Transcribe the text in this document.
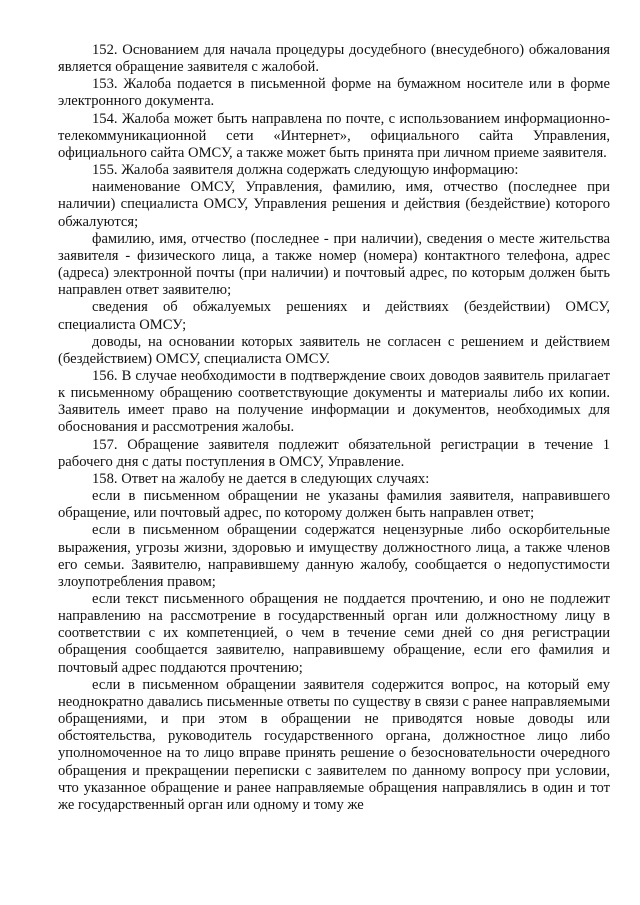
152. Основанием для начала процедуры досудебного (внесудебного) обжалования является обращение заявителя с жалобой.

153. Жалоба подается в письменной форме на бумажном носителе или в форме электронного документа.

154. Жалоба может быть направлена по почте, с использованием информационно-телекоммуникационной сети «Интернет», официального сайта Управления, официального сайта ОМСУ, а также может быть принята при личном приеме заявителя.

155. Жалоба заявителя должна содержать следующую информацию:

наименование ОМСУ, Управления, фамилию, имя, отчество (последнее при наличии) специалиста ОМСУ, Управления решения и действия (бездействие) которого обжалуются;

фамилию, имя, отчество (последнее - при наличии), сведения о месте жительства заявителя - физического лица, а также номер (номера) контактного телефона, адрес (адреса) электронной почты (при наличии) и почтовый адрес, по которым должен быть направлен ответ заявителю;

сведения об обжалуемых решениях и действиях (бездействии) ОМСУ, специалиста ОМСУ;

доводы, на основании которых заявитель не согласен с решением и действием (бездействием) ОМСУ, специалиста ОМСУ.

156. В случае необходимости в подтверждение своих доводов заявитель прилагает к письменному обращению соответствующие документы и материалы либо их копии. Заявитель имеет право на получение информации и документов, необходимых для обоснования и рассмотрения жалобы.

157. Обращение заявителя подлежит обязательной регистрации в течение 1 рабочего дня с даты поступления в ОМСУ, Управление.

158. Ответ на жалобу не дается в следующих случаях:

если в письменном обращении не указаны фамилия заявителя, направившего обращение, или почтовый адрес, по которому должен быть направлен ответ;

если в письменном обращении содержатся нецензурные либо оскорбительные выражения, угрозы жизни, здоровью и имуществу должностного лица, а также членов его семьи. Заявителю, направившему данную жалобу, сообщается о недопустимости злоупотребления правом;

если текст письменного обращения не поддается прочтению, и оно не подлежит направлению на рассмотрение в государственный орган или должностному лицу в соответствии с их компетенцией, о чем в течение семи дней со дня регистрации обращения сообщается заявителю, направившему обращение, если его фамилия и почтовый адрес поддаются прочтению;

если в письменном обращении заявителя содержится вопрос, на который ему неоднократно давались письменные ответы по существу в связи с ранее направляемыми обращениями, и при этом в обращении не приводятся новые доводы или обстоятельства, руководитель государственного органа, должностное лицо либо уполномоченное на то лицо вправе принять решение о безосновательности очередного обращения и прекращении переписки с заявителем по данному вопросу при условии, что указанное обращение и ранее направляемые обращения направлялись в один и тот же государственный орган или одному и тому же
